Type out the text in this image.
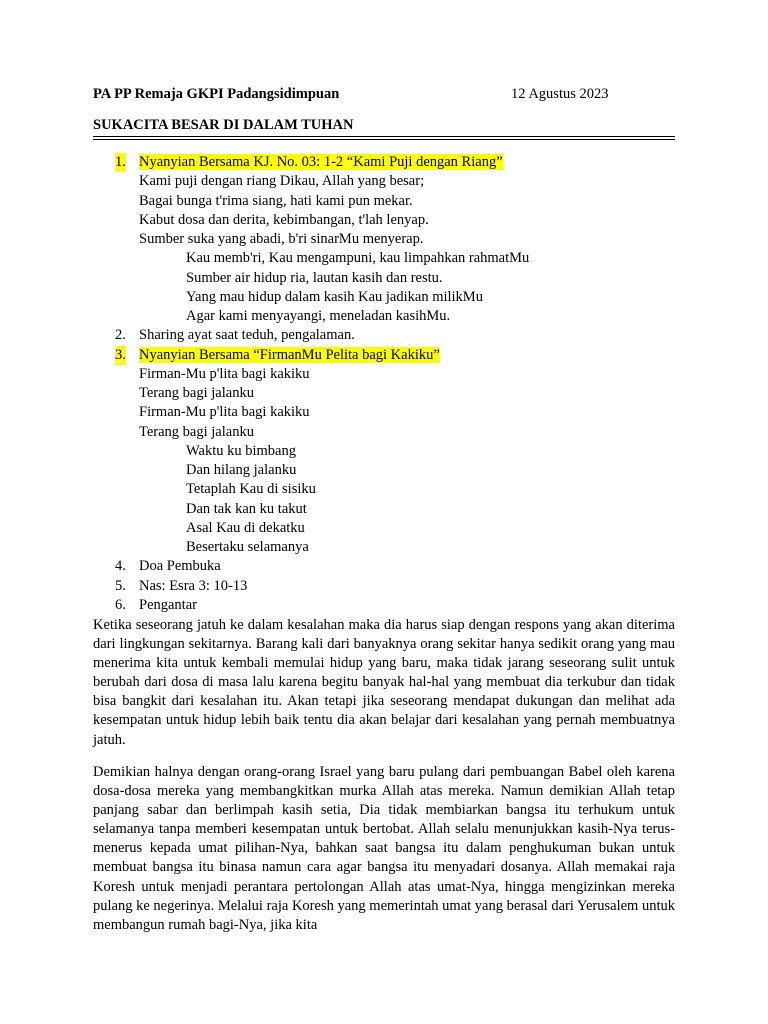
PA PP Remaja GKPI Padangsidimpuan	12 Agustus 2023
SUKACITA BESAR DI DALAM TUHAN
1. Nyanyian Bersama KJ. No. 03: 1-2 “Kami Puji dengan Riang”
Kami puji dengan riang Dikau, Allah yang besar;
Bagai bunga t'rima siang, hati kami pun mekar.
Kabut dosa dan derita, kebimbangan, t'lah lenyap.
Sumber suka yang abadi, b'ri sinarMu menyerap.
Kau memb'ri, Kau mengampuni, kau limpahkan rahmatMu
Sumber air hidup ria, lautan kasih dan restu.
Yang mau hidup dalam kasih Kau jadikan milikMu
Agar kami menyayangi, meneladan kasihMu.
2. Sharing ayat saat teduh, pengalaman.
3. Nyanyian Bersama “FirmanMu Pelita bagi Kakiku”
Firman-Mu p'lita bagi kakiku
Terang bagi jalanku
Firman-Mu p'lita bagi kakiku
Terang bagi jalanku
Waktu ku bimbang
Dan hilang jalanku
Tetaplah Kau di sisiku
Dan tak kan ku takut
Asal Kau di dekatku
Besertaku selamanya
4. Doa Pembuka
5. Nas: Esra 3: 10-13
6. Pengantar
Ketika seseorang jatuh ke dalam kesalahan maka dia harus siap dengan respons yang akan diterima dari lingkungan sekitarnya. Barang kali dari banyaknya orang sekitar hanya sedikit orang yang mau menerima kita untuk kembali memulai hidup yang baru, maka tidak jarang seseorang sulit untuk berubah dari dosa di masa lalu karena begitu banyak hal-hal yang membuat dia terkubur dan tidak bisa bangkit dari kesalahan itu. Akan tetapi jika seseorang mendapat dukungan dan melihat ada kesempatan untuk hidup lebih baik tentu dia akan belajar dari kesalahan yang pernah membuatnya jatuh.
Demikian halnya dengan orang-orang Israel yang baru pulang dari pembuangan Babel oleh karena dosa-dosa mereka yang membangkitkan murka Allah atas mereka. Namun demikian Allah tetap panjang sabar dan berlimpah kasih setia, Dia tidak membiarkan bangsa itu terhukum untuk selamanya tanpa memberi kesempatan untuk bertobat. Allah selalu menunjukkan kasih-Nya terus-menerus kepada umat pilihan-Nya, bahkan saat bangsa itu dalam penghukuman bukan untuk membuat bangsa itu binasa namun cara agar bangsa itu menyadari dosanya. Allah memakai raja Koresh untuk menjadi perantara pertolongan Allah atas umat-Nya, hingga mengizinkan mereka pulang ke negerinya. Melalui raja Koresh yang memerintah umat yang berasal dari Yerusalem untuk membangun rumah bagi-Nya, jika kita
